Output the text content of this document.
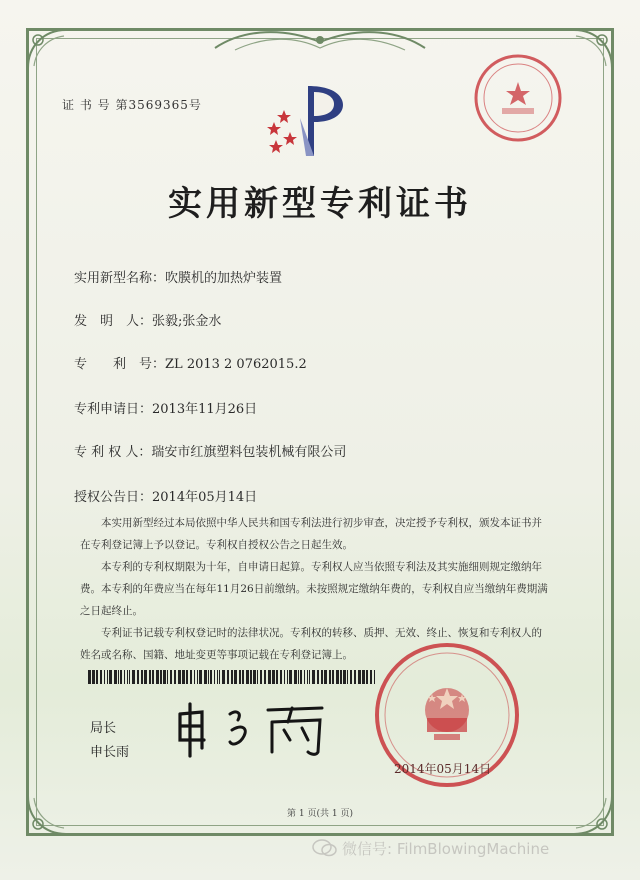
证 书 号 第3569365号
实用新型专利证书
实用新型名称：吹膜机的加热炉装置
发　明　人：张毅;张金水
专　　利　号：ZL 2013 2 0762015.2
专利申请日：2013年11月26日
专 利 权 人：瑞安市红旗塑料包装机械有限公司
授权公告日：2014年05月14日

本实用新型经过本局依照中华人民共和国专利法进行初步审查，决定授予专利权，颁发本证书并在专利登记簿上予以登记。专利权自授权公告之日起生效。

本专利的专利权期限为十年，自申请日起算。专利权人应当依照专利法及其实施细则规定缴纳年费。本专利的年费应当在每年11月26日前缴纳。未按照规定缴纳年费的，专利权自应当缴纳年费期满之日起终止。

专利证书记载专利权登记时的法律状况。专利权的转移、质押、无效、终止、恢复和专利权人的姓名或名称、国籍、地址变更等事项记载在专利登记簿上。

局长
申长雨
2014年05月14日
第 1 页(共 1 页)
微信号: FilmBlowingMachine
